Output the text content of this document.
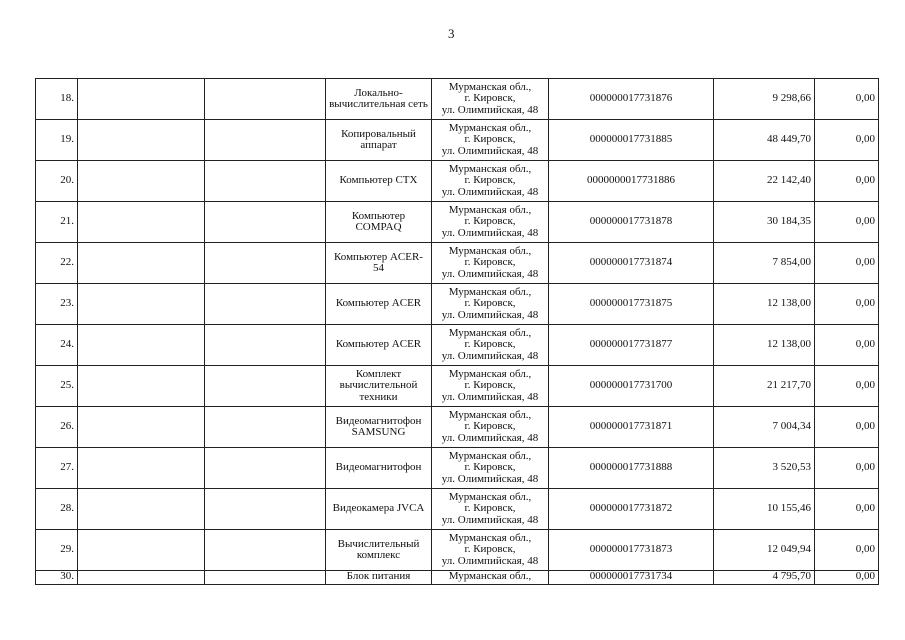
3
18.			Локально-вычислительная сеть	Мурманская обл.,
г. Кировск,
ул. Олимпийская, 48	000000017731876	9 298,66	0,00
19.			Копировальный аппарат	Мурманская обл.,
г. Кировск,
ул. Олимпийская, 48	000000017731885	48 449,70	0,00
20.			Компьютер СТХ	Мурманская обл.,
г. Кировск,
ул. Олимпийская, 48	0000000017731886	22 142,40	0,00
21.			Компьютер COMPAQ	Мурманская обл.,
г. Кировск,
ул. Олимпийская, 48	000000017731878	30 184,35	0,00
22.			Компьютер ACER-54	Мурманская обл.,
г. Кировск,
ул. Олимпийская, 48	000000017731874	7 854,00	0,00
23.			Компьютер ACER	Мурманская обл.,
г. Кировск,
ул. Олимпийская, 48	000000017731875	12 138,00	0,00
24.			Компьютер ACER	Мурманская обл.,
г. Кировск,
ул. Олимпийская, 48	000000017731877	12 138,00	0,00
25.			Комплект вычислительной техники	Мурманская обл.,
г. Кировск,
ул. Олимпийская, 48	000000017731700	21 217,70	0,00
26.			Видеомагнитофон SAMSUNG	Мурманская обл.,
г. Кировск,
ул. Олимпийская, 48	000000017731871	7 004,34	0,00
27.			Видеомагнитофон	Мурманская обл.,
г. Кировск,
ул. Олимпийская, 48	000000017731888	3 520,53	0,00
28.			Видеокамера JVCA	Мурманская обл.,
г. Кировск,
ул. Олимпийская, 48	000000017731872	10 155,46	0,00
29.			Вычислительный комплекс	Мурманская обл.,
г. Кировск,
ул. Олимпийская, 48	000000017731873	12 049,94	0,00
30.			Блок питания	Мурманская обл.,	000000017731734	4 795,70	0,00
